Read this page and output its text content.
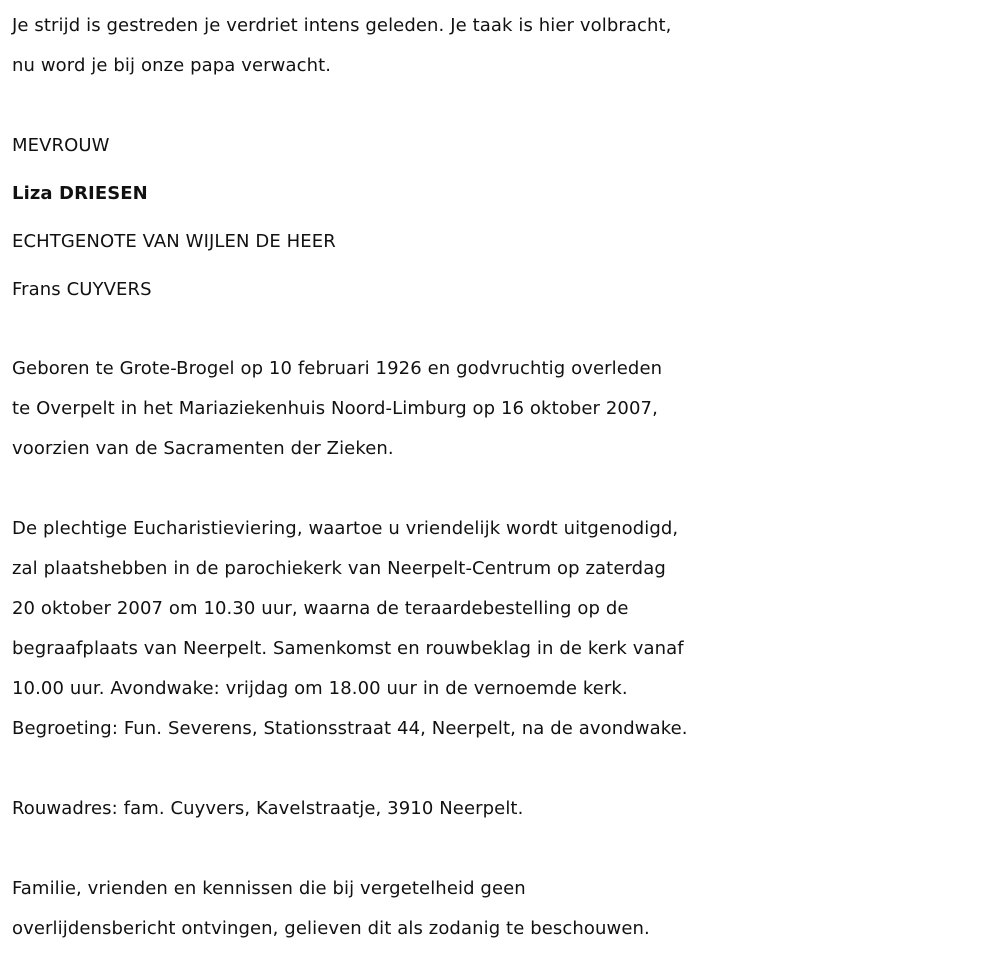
Je strijd is gestreden je verdriet intens geleden. Je taak is hier volbracht,
nu word je bij onze papa verwacht.
MEVROUW
Liza DRIESEN
ECHTGENOTE VAN WIJLEN DE HEER
Frans CUYVERS
Geboren te Grote-Brogel op 10 februari 1926 en godvruchtig overleden
te Overpelt in het Mariaziekenhuis Noord-Limburg op 16 oktober 2007,
voorzien van de Sacramenten der Zieken.
De plechtige Eucharistieviering, waartoe u vriendelijk wordt uitgenodigd,
zal plaatshebben in de parochiekerk van Neerpelt-Centrum op zaterdag
20 oktober 2007 om 10.30 uur, waarna de teraardebestelling op de
begraafplaats van Neerpelt. Samenkomst en rouwbeklag in de kerk vanaf
10.00 uur. Avondwake: vrijdag om 18.00 uur in de vernoemde kerk.
Begroeting: Fun. Severens, Stationsstraat 44, Neerpelt, na de avondwake.
Rouwadres: fam. Cuyvers, Kavelstraatje, 3910 Neerpelt.
Familie, vrienden en kennissen die bij vergetelheid geen
overlijdensbericht ontvingen, gelieven dit als zodanig te beschouwen.
